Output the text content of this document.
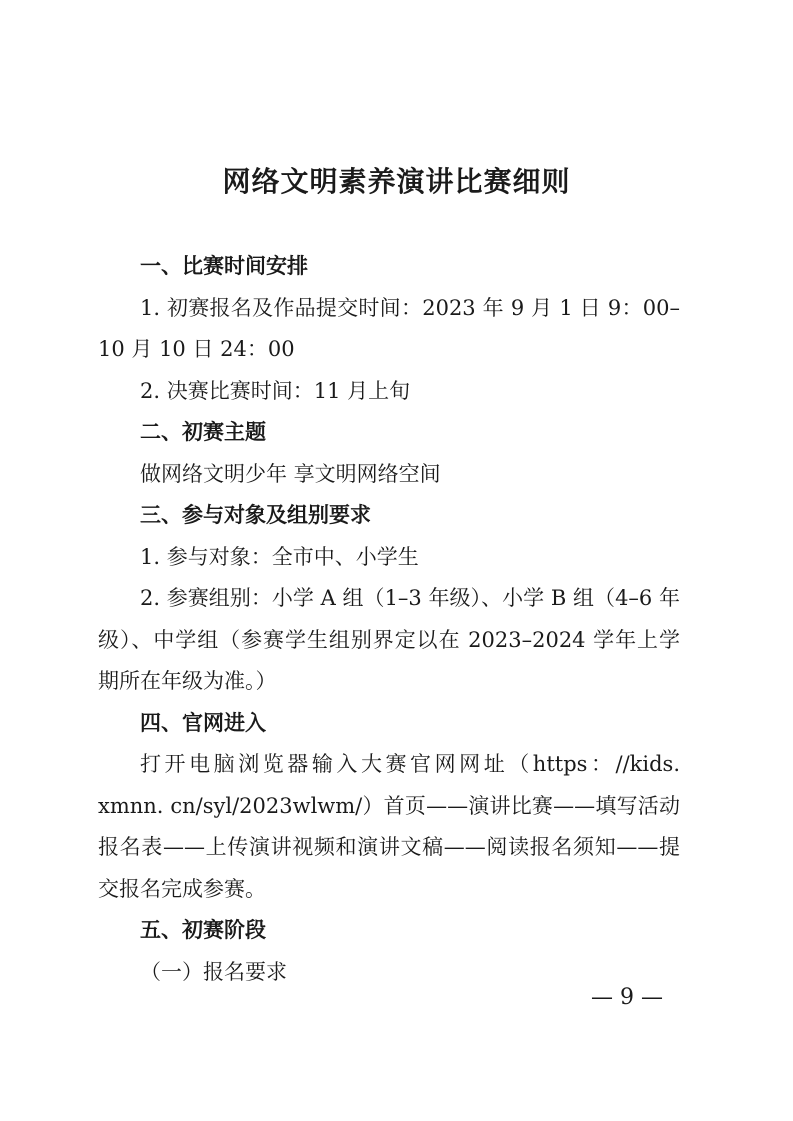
网络文明素养演讲比赛细则

一、比赛时间安排

1. 初赛报名及作品提交时间：2023 年 9 月 1 日 9：00–10 月 10 日 24：00

2. 决赛比赛时间：11 月上旬

二、初赛主题

做网络文明少年 享文明网络空间

三、参与对象及组别要求

1. 参与对象：全市中、小学生

2. 参赛组别：小学 A 组（1–3 年级）、小学 B 组（4–6 年级）、中学组（参赛学生组别界定以在 2023–2024 学年上学期所在年级为准。）

四、官网进入

打开电脑浏览器输入大赛官网网址（https：//kids. xmnn. cn/syl/2023wlwm/）首页——演讲比赛——填写活动报名表——上传演讲视频和演讲文稿——阅读报名须知——提交报名完成参赛。

五、初赛阶段

（一）报名要求

— 9 —
